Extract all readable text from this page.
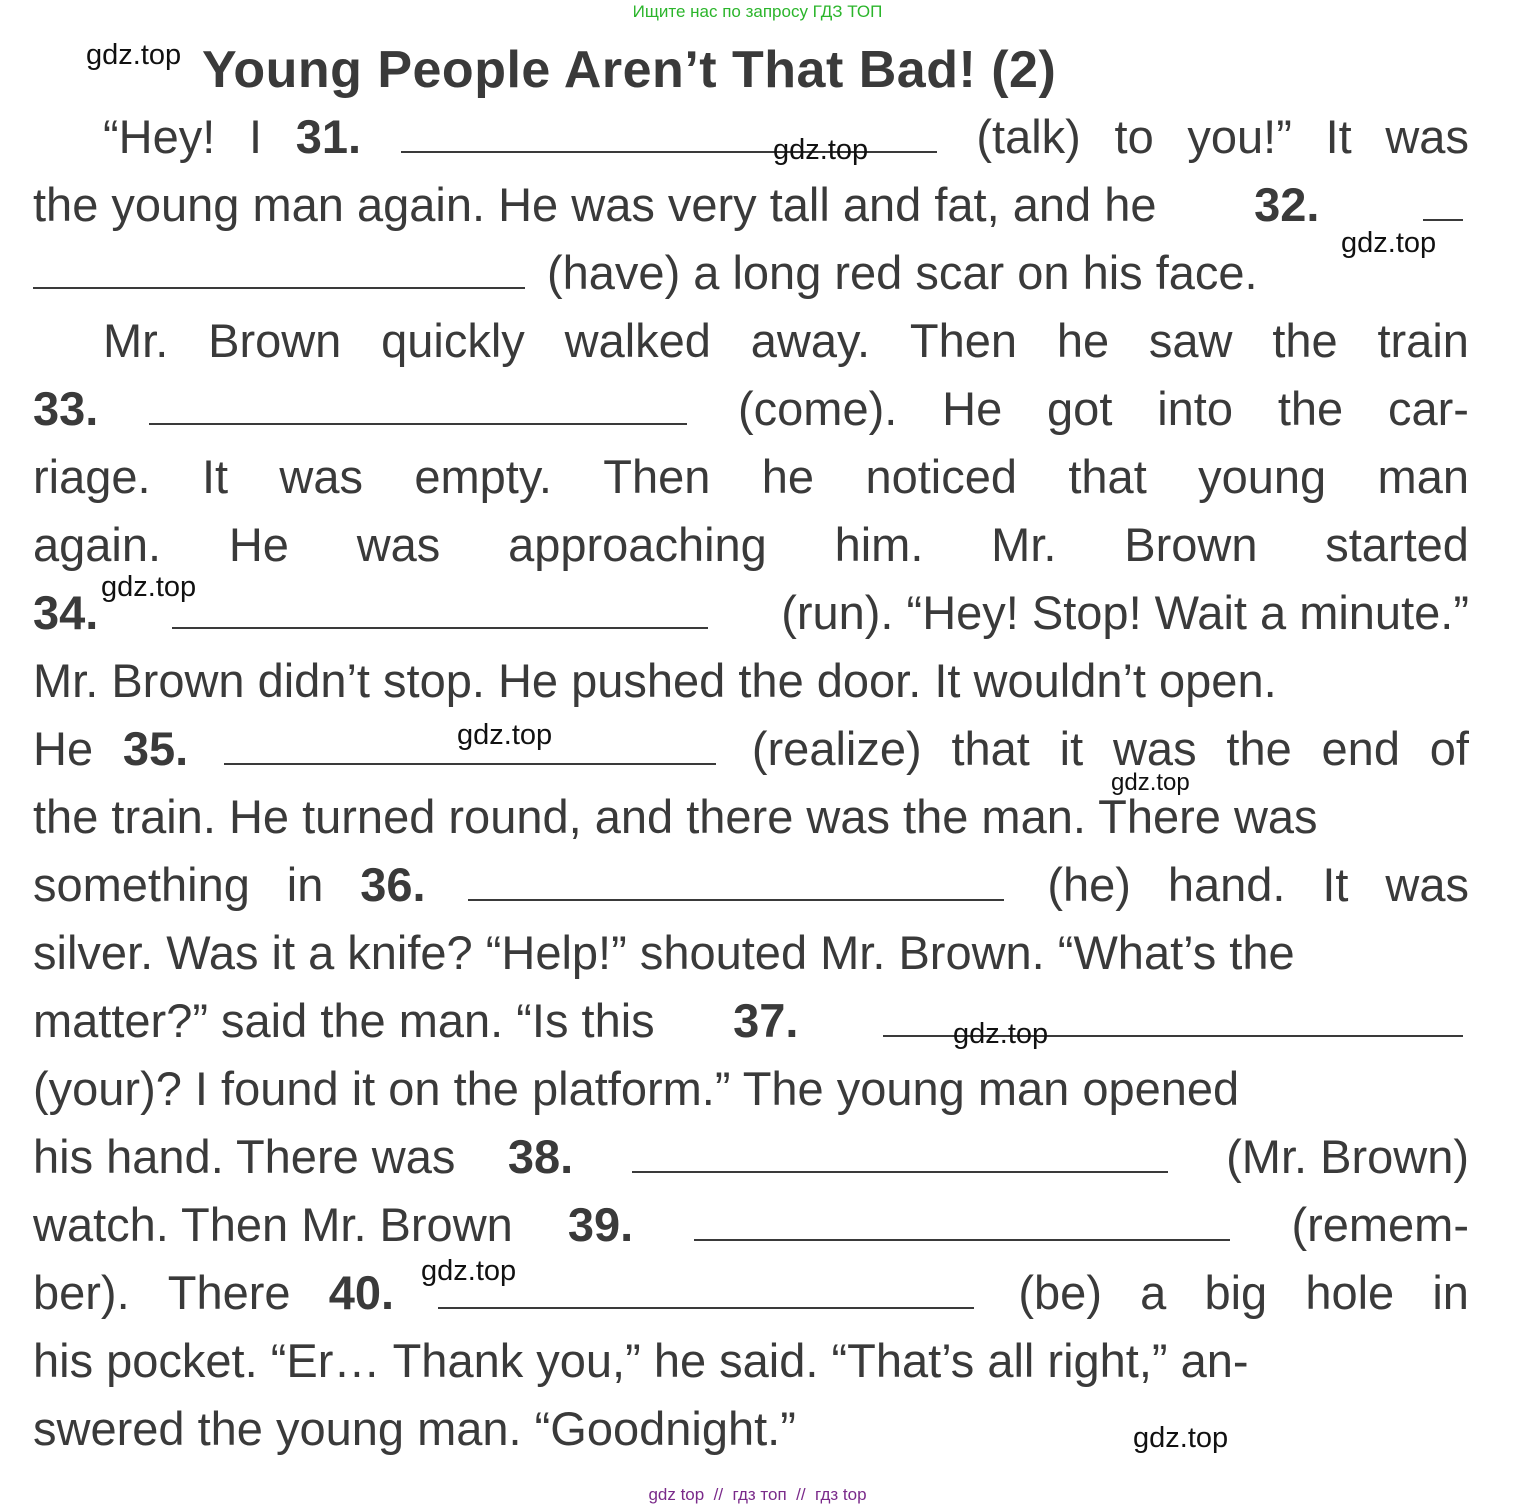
Ищите нас по запросу ГДЗ ТОП
Young People Aren’t That Bad! (2)
“Hey! I 31.	(talk) to you!” It was
the young man again. He was very tall and fat, and he 32.
(have) a long red scar on his face.
Mr. Brown quickly walked away. Then he saw the train
33.	(come). He got into the car-
riage. It was empty. Then he noticed that young man
again. He was approaching him. Mr. Brown started
34.	(run). “Hey! Stop! Wait a minute.”
Mr. Brown didn’t stop. He pushed the door. It wouldn’t open.
He 35.	(realize) that it was the end of
the train. He turned round, and there was the man. There was
something in 36.	(he) hand. It was
silver. Was it a knife? “Help!” shouted Mr. Brown. “What’s the
matter?” said the man. “Is this 37.
(your)? I found it on the platform.” The young man opened
his hand. There was 38.	(Mr. Brown)
watch. Then Mr. Brown 39.	(remem-
ber). There 40.	(be) a big hole in
his pocket. “Er… Thank you,” he said. “That’s all right,” an-
swered the young man. “Goodnight.”
gdz.top
gdz.top
gdz.top
gdz.top
gdz.top
gdz.top
gdz.top
gdz.top
gdz.top
gdz top  //  гдз топ  //  гдз top
